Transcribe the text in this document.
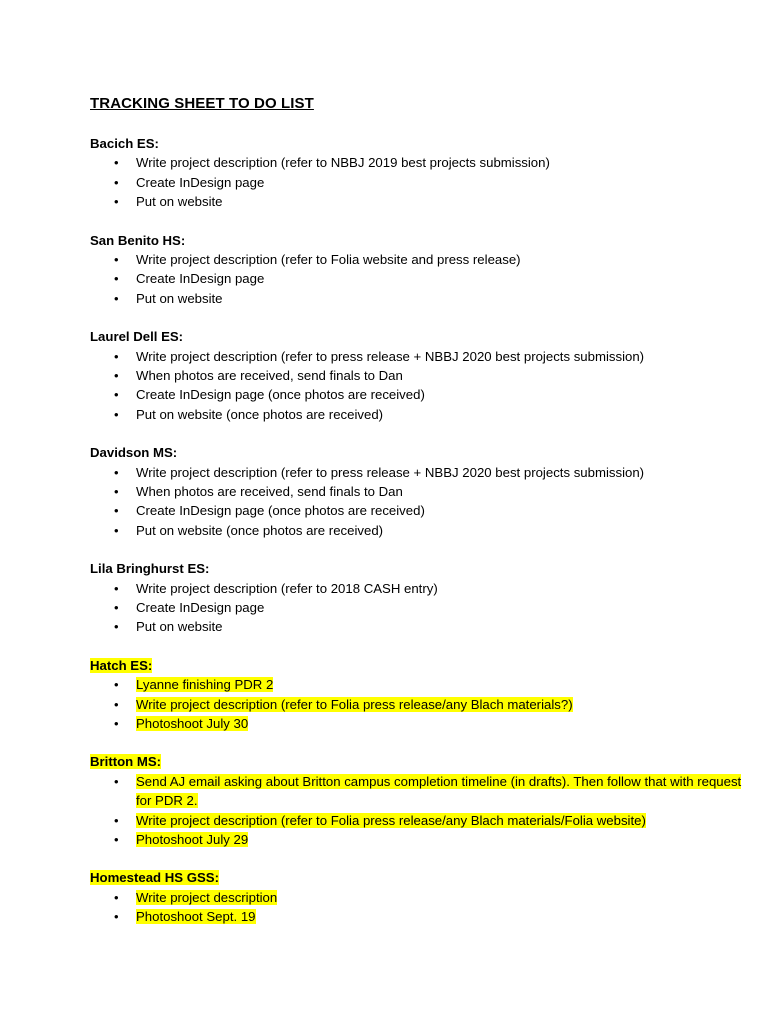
TRACKING SHEET TO DO LIST
Bacich ES:
• Write project description (refer to NBBJ 2019 best projects submission)
• Create InDesign page
• Put on website
San Benito HS:
• Write project description (refer to Folia website and press release)
• Create InDesign page
• Put on website
Laurel Dell ES:
• Write project description (refer to press release + NBBJ 2020 best projects submission)
• When photos are received, send finals to Dan
• Create InDesign page (once photos are received)
• Put on website (once photos are received)
Davidson MS:
• Write project description (refer to press release + NBBJ 2020 best projects submission)
• When photos are received, send finals to Dan
• Create InDesign page (once photos are received)
• Put on website (once photos are received)
Lila Bringhurst ES:
• Write project description (refer to 2018 CASH entry)
• Create InDesign page
• Put on website
Hatch ES:
• Lyanne finishing PDR 2
• Write project description (refer to Folia press release/any Blach materials?)
• Photoshoot July 30
Britton MS:
• Send AJ email asking about Britton campus completion timeline (in drafts). Then follow that with request for PDR 2.
• Write project description (refer to Folia press release/any Blach materials/Folia website)
• Photoshoot July 29
Homestead HS GSS:
• Write project description
• Photoshoot Sept. 19
